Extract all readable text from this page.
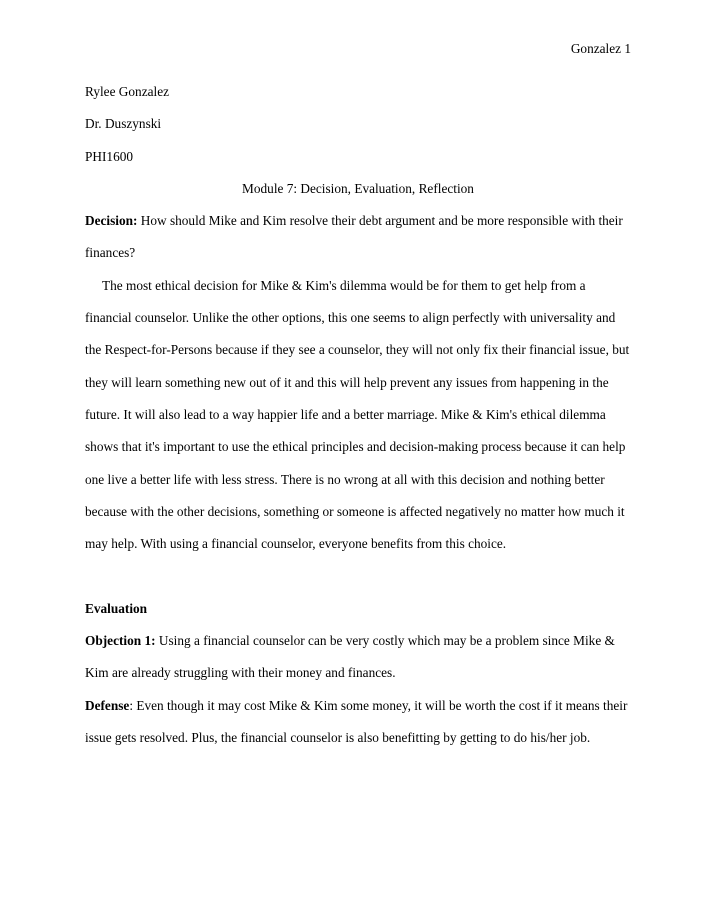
Gonzalez 1

Rylee Gonzalez

Dr. Duszynski

PHI1600

Module 7: Decision, Evaluation, Reflection

Decision: How should Mike and Kim resolve their debt argument and be more responsible with their finances?

The most ethical decision for Mike & Kim's dilemma would be for them to get help from a financial counselor. Unlike the other options, this one seems to align perfectly with universality and the Respect-for-Persons because if they see a counselor, they will not only fix their financial issue, but they will learn something new out of it and this will help prevent any issues from happening in the future. It will also lead to a way happier life and a better marriage. Mike & Kim's ethical dilemma shows that it's important to use the ethical principles and decision-making process because it can help one live a better life with less stress. There is no wrong at all with this decision and nothing better because with the other decisions, something or someone is affected negatively no matter how much it may help. With using a financial counselor, everyone benefits from this choice.

Evaluation

Objection 1: Using a financial counselor can be very costly which may be a problem since Mike & Kim are already struggling with their money and finances.

Defense: Even though it may cost Mike & Kim some money, it will be worth the cost if it means their issue gets resolved. Plus, the financial counselor is also benefitting by getting to do his/her job.
